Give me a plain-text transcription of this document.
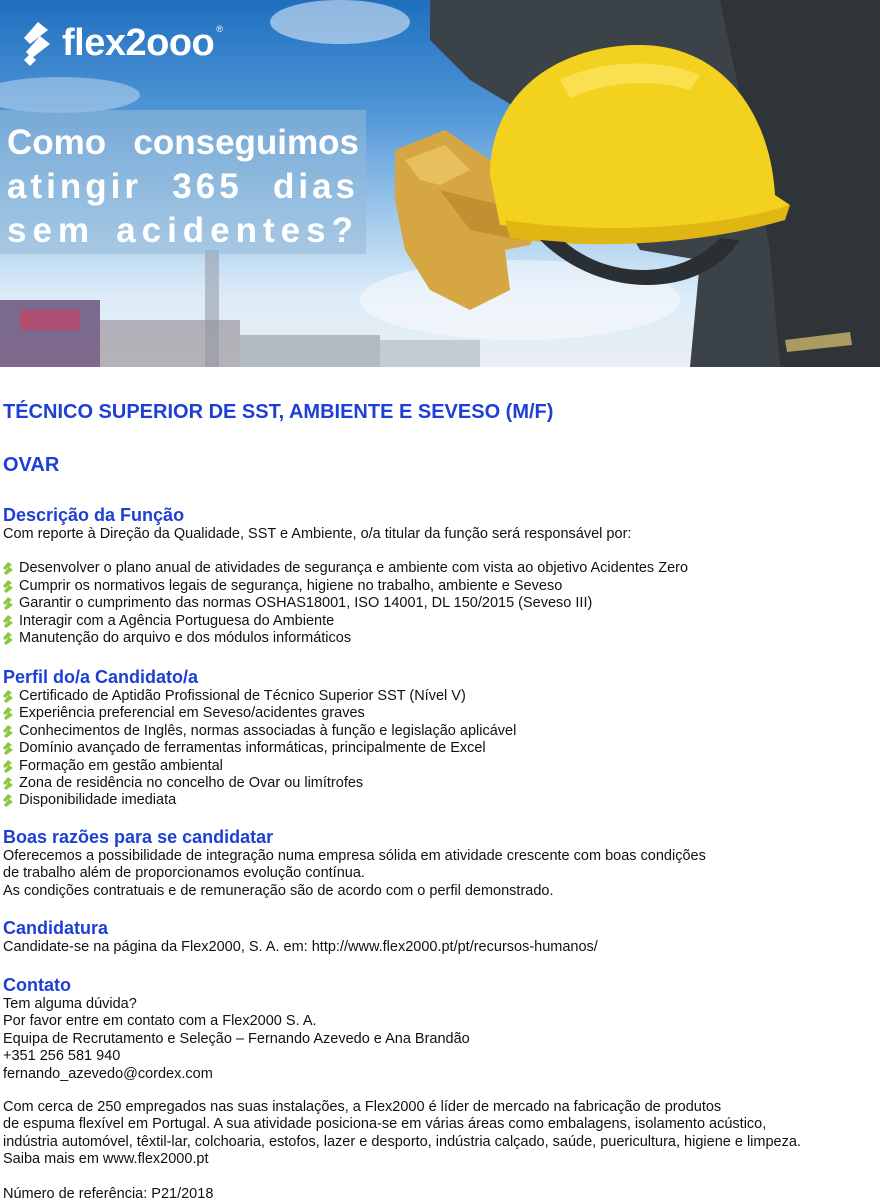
flex2ooo ®
Como conseguimos
atingir 365 dias
sem acidentes?
TÉCNICO SUPERIOR DE SST, AMBIENTE E SEVESO (M/F)
OVAR
Descrição da Função

Com reporte à Direção da Qualidade, SST e Ambiente, o/a titular da função será responsável por:

Desenvolver o plano anual de atividades de segurança e ambiente com vista ao objetivo Acidentes Zero
Cumprir os normativos legais de segurança, higiene no trabalho, ambiente e Seveso
Garantir o cumprimento das normas OSHAS18001, ISO 14001, DL 150/2015 (Seveso III)
Interagir com a Agência Portuguesa do Ambiente
Manutenção do arquivo e dos módulos informáticos
Perfil do/a Candidato/a
Certificado de Aptidão Profissional de Técnico Superior SST (Nível V)
Experiência preferencial em Seveso/acidentes graves
Conhecimentos de Inglês, normas associadas à função e legislação aplicável
Domínio avançado de ferramentas informáticas, principalmente de Excel
Formação em gestão ambiental
Zona de residência no concelho de Ovar ou limítrofes
Disponibilidade imediata
Boas razões para se candidatar

Oferecemos a possibilidade de integração numa empresa sólida em atividade crescente com boas condições

de trabalho além de proporcionamos evolução contínua.

As condições contratuais e de remuneração são de acordo com o perfil demonstrado.

Candidatura

Candidate-se na página da Flex2000, S. A. em: http://www.flex2000.pt/pt/recursos-humanos/

Contato

Tem alguma dúvida?

Por favor entre em contato com a Flex2000 S. A.

Equipa de Recrutamento e Seleção – Fernando Azevedo e Ana Brandão

+351 256 581 940

fernando_azevedo@cordex.com

Com cerca de 250 empregados nas suas instalações, a Flex2000 é líder de mercado na fabricação de produtos

de espuma flexível em Portugal. A sua atividade posiciona-se em várias áreas como embalagens, isolamento acústico,

indústria automóvel, têxtil-lar, colchoaria, estofos, lazer e desporto, indústria calçado, saúde, puericultura, higiene e limpeza.

Saiba mais em www.flex2000.pt

Número de referência: P21/2018
